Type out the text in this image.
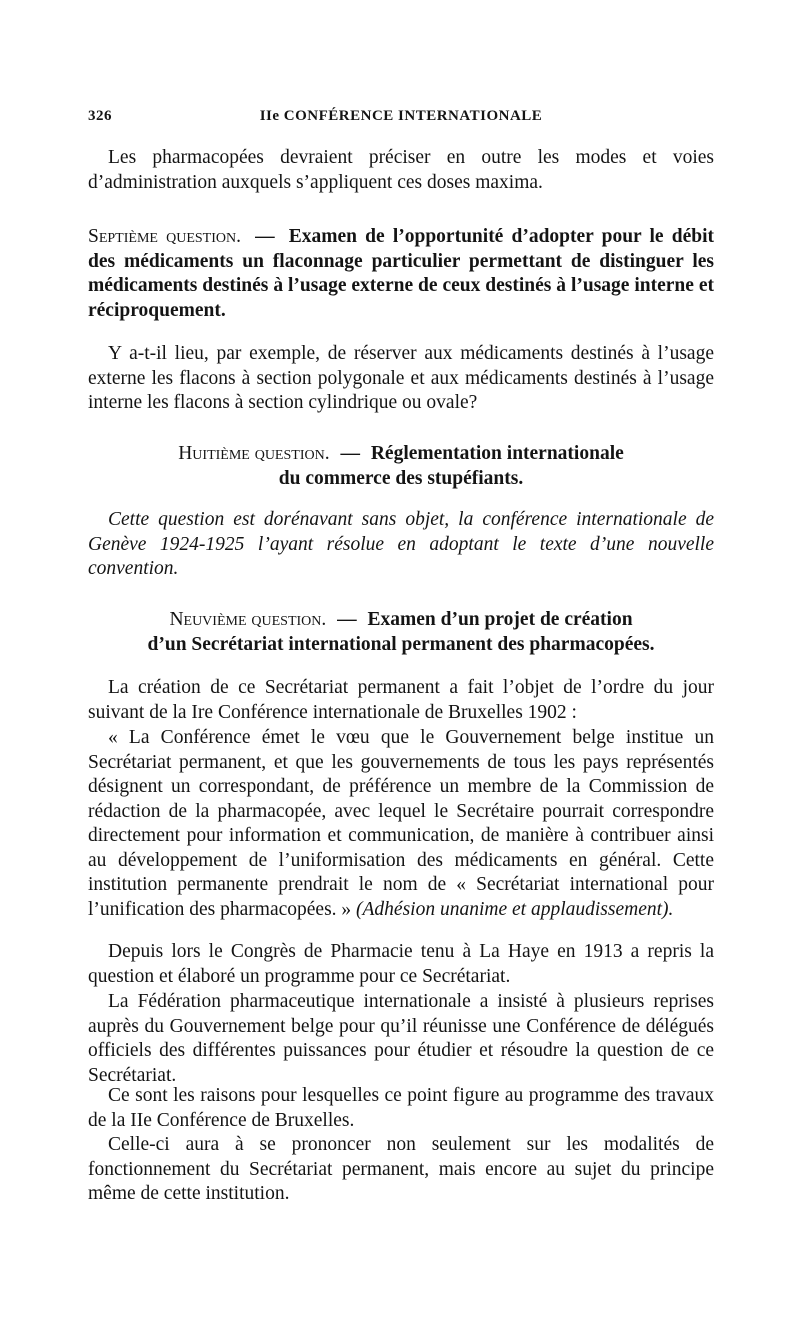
326	IIe CONFÉRENCE INTERNATIONALE

Les pharmacopées devraient préciser en outre les modes et voies d’administration auxquels s’appliquent ces doses maxima.

Septième question. — Examen de l’opportunité d’adopter pour le débit des médicaments un flaconnage particulier permettant de distinguer les médicaments destinés à l’usage externe de ceux destinés à l’usage interne et réciproquement.

Y a-t-il lieu, par exemple, de réserver aux médicaments destinés à l’usage externe les flacons à section polygonale et aux médicaments destinés à l’usage interne les flacons à section cylindrique ou ovale?

Huitième question. — Réglementation internationale
du commerce des stupéfiants.

Cette question est dorénavant sans objet, la conférence internationale de Genève 1924-1925 l’ayant résolue en adoptant le texte d’une nouvelle convention.

Neuvième question. — Examen d’un projet de création
d’un Secrétariat international permanent des pharmacopées.

La création de ce Secrétariat permanent a fait l’objet de l’ordre du jour suivant de la Ire Conférence internationale de Bruxelles 1902 :

« La Conférence émet le vœu que le Gouvernement belge institue un Secrétariat permanent, et que les gouvernements de tous les pays représentés désignent un correspondant, de préférence un membre de la Commission de rédaction de la pharmacopée, avec lequel le Secrétaire pourrait correspondre directement pour information et communication, de manière à contribuer ainsi au développement de l’uniformisation des médicaments en général. Cette institution permanente prendrait le nom de « Secrétariat international pour l’unification des pharmacopées. » (Adhésion unanime et applaudissement).

Depuis lors le Congrès de Pharmacie tenu à La Haye en 1913 a repris la question et élaboré un programme pour ce Secrétariat.

La Fédération pharmaceutique internationale a insisté à plusieurs reprises auprès du Gouvernement belge pour qu’il réunisse une Conférence de délégués officiels des différentes puissances pour étudier et résoudre la question de ce Secrétariat.

Ce sont les raisons pour lesquelles ce point figure au programme des travaux de la IIe Conférence de Bruxelles.

Celle-ci aura à se prononcer non seulement sur les modalités de fonctionnement du Secrétariat permanent, mais encore au sujet du principe même de cette institution.
